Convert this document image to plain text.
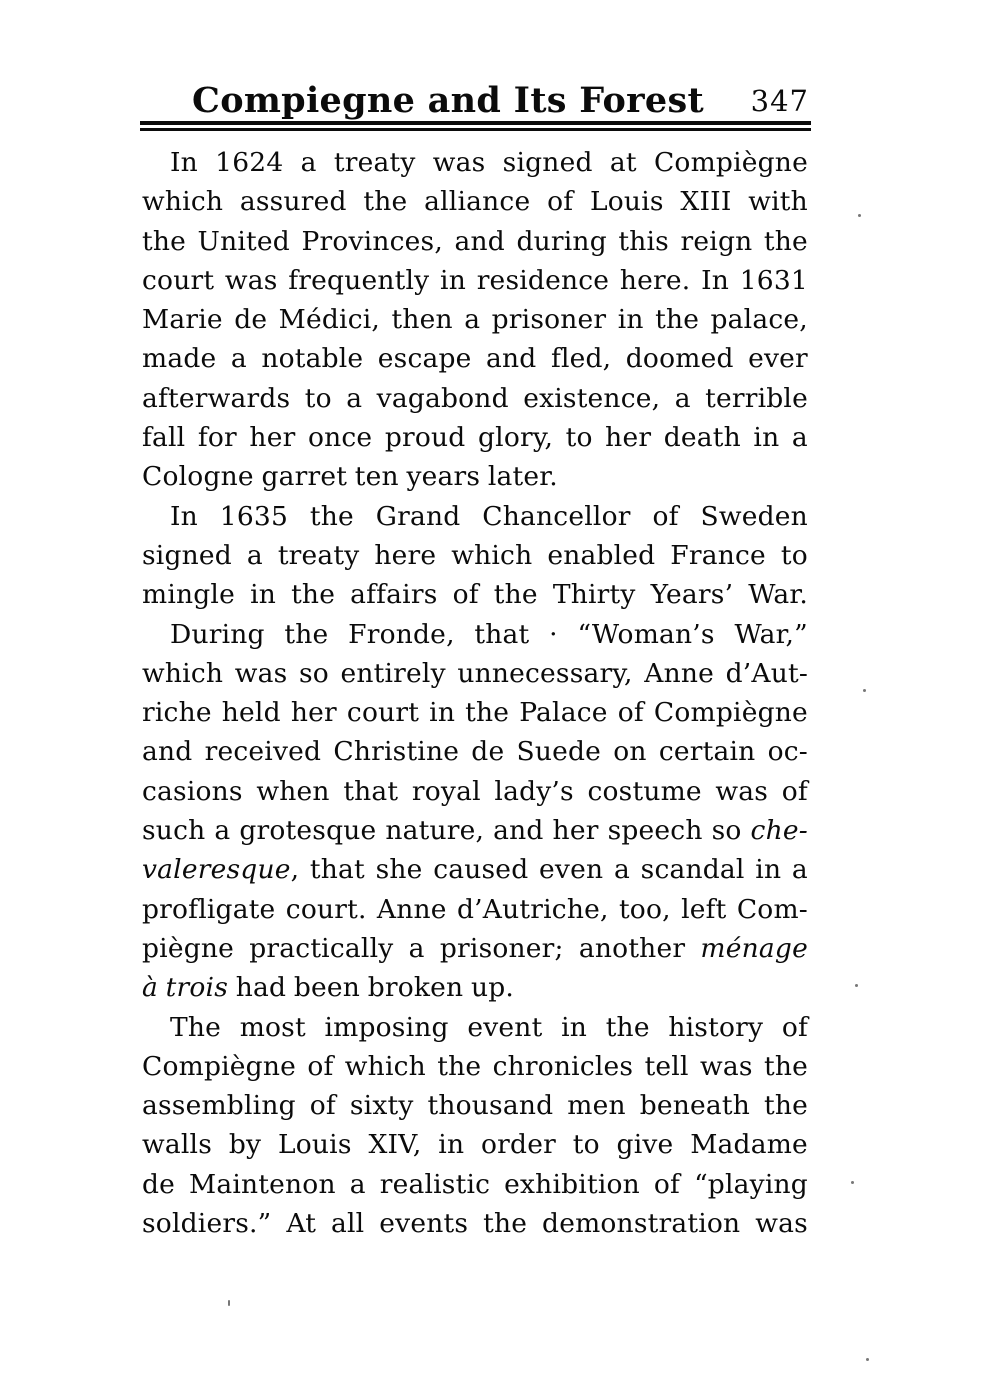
Compiegne and Its Forest	347
In 1624 a treaty was signed at Compiègne
which assured the alliance of Louis XIII with
the United Provinces, and during this reign the
court was frequently in residence here. In 1631
Marie de Médici, then a prisoner in the palace,
made a notable escape and fled, doomed ever
afterwards to a vagabond existence, a terrible
fall for her once proud glory, to her death in a
Cologne garret ten years later.
In 1635 the Grand Chancellor of Sweden
signed a treaty here which enabled France to
mingle in the affairs of the Thirty Years’ War.
During the Fronde, that · “Woman’s War,”
which was so entirely unnecessary, Anne d’Aut-
riche held her court in the Palace of Compiègne
and received Christine de Suede on certain oc-
casions when that royal lady’s costume was of
such a grotesque nature, and her speech so che-
valeresque, that she caused even a scandal in a
profligate court. Anne d’Autriche, too, left Com-
piègne practically a prisoner; another ménage
à trois had been broken up.
The most imposing event in the history of
Compiègne of which the chronicles tell was the
assembling of sixty thousand men beneath the
walls by Louis XIV, in order to give Madame
de Maintenon a realistic exhibition of “playing
soldiers.” At all events the demonstration was
